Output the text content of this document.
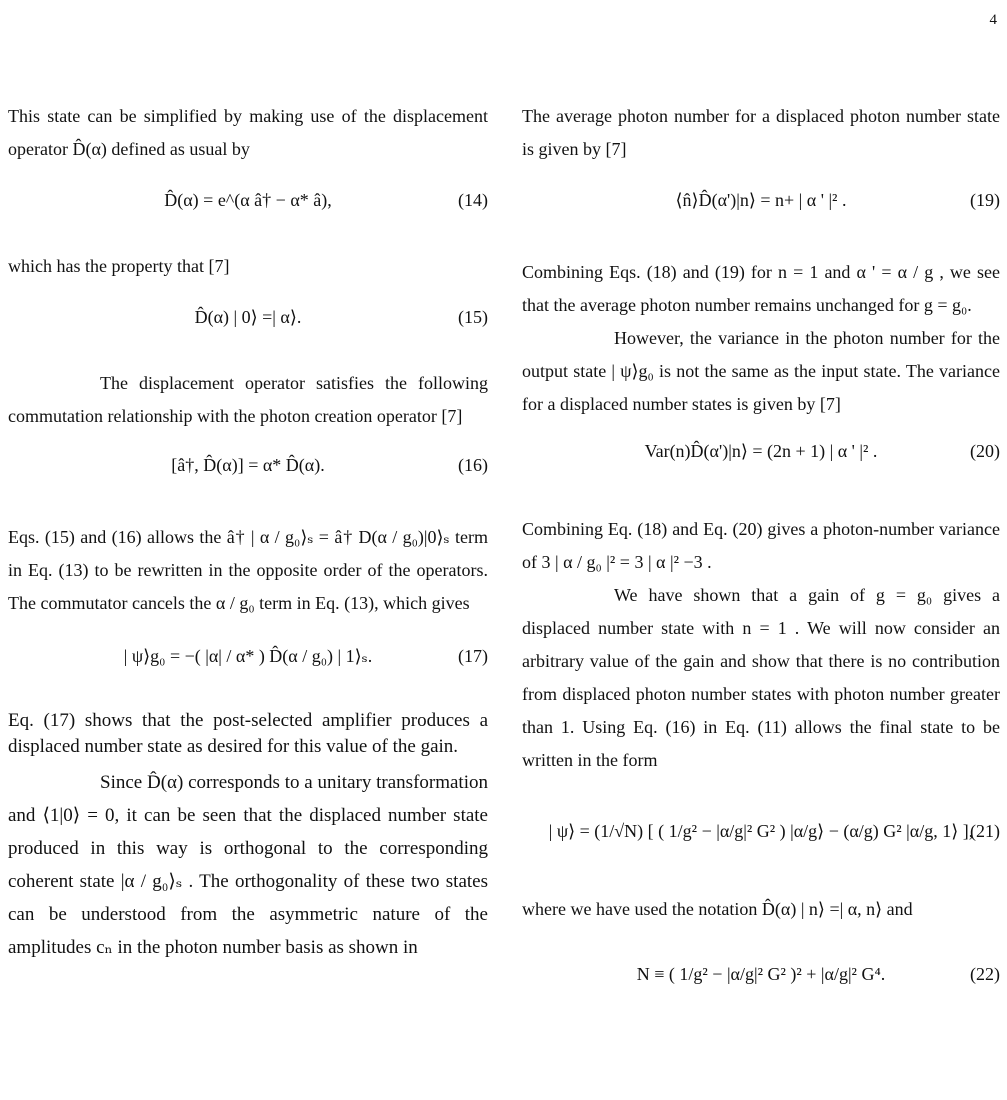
4

This state can be simplified by making use of the displacement operator D̂(α) defined as usual by

D̂(α) = e^(α â† − α* â),	(14)

which has the property that [7]

D̂(α) | 0⟩ =| α⟩.	(15)

The displacement operator satisfies the following commutation relationship with the photon creation operator [7]

[â†, D̂(α)] = α* D̂(α).	(16)

Eqs. (15) and (16) allows the â† | α / g₀⟩ₛ = â† D(α / g₀)|0⟩ₛ term in Eq. (13) to be rewritten in the opposite order of the operators. The commutator cancels the α / g₀ term in Eq. (13), which gives

| ψ⟩g₀ = −( |α| / α* ) D̂(α / g₀) | 1⟩ₛ.	(17)

Eq. (17) shows that the post-selected amplifier produces a displaced number state as desired for this value of the gain.

Since D̂(α) corresponds to a unitary transformation and ⟨1|0⟩ = 0, it can be seen that the displaced number state produced in this way is orthogonal to the corresponding coherent state |α / g₀⟩ₛ . The orthogonality of these two states can be understood from the asymmetric nature of the amplitudes cₙ in the photon number basis as shown in

The average photon number for a displaced photon number state is given by [7]

⟨n̂⟩D̂(α')|n⟩ = n+ | α ' |² .	(19)

Combining Eqs. (18) and (19) for n = 1 and α ' = α / g , we see that the average photon number remains unchanged for g = g₀.

However, the variance in the photon number for the output state | ψ⟩g₀ is not the same as the input state. The variance for a displaced number states is given by [7]

Var(n)D̂(α')|n⟩ = (2n + 1) | α ' |² .	(20)

Combining Eq. (18) and Eq. (20) gives a photon-number variance of 3 | α / g₀ |² = 3 | α |² −3 .

We have shown that a gain of g = g₀ gives a displaced number state with n = 1 . We will now consider an arbitrary value of the gain and show that there is no contribution from displaced photon number states with photon number greater than 1. Using Eq. (16) in Eq. (11) allows the final state to be written in the form

| ψ⟩ = (1/√N) [ ( 1/g² − |α/g|² G² ) |α/g⟩ − (α/g) G² |α/g, 1⟩ ],
(21)

where we have used the notation D̂(α) | n⟩ =| α, n⟩ and

N ≡ ( 1/g² − |α/g|² G² )² + |α/g|² G⁴.	(22)
